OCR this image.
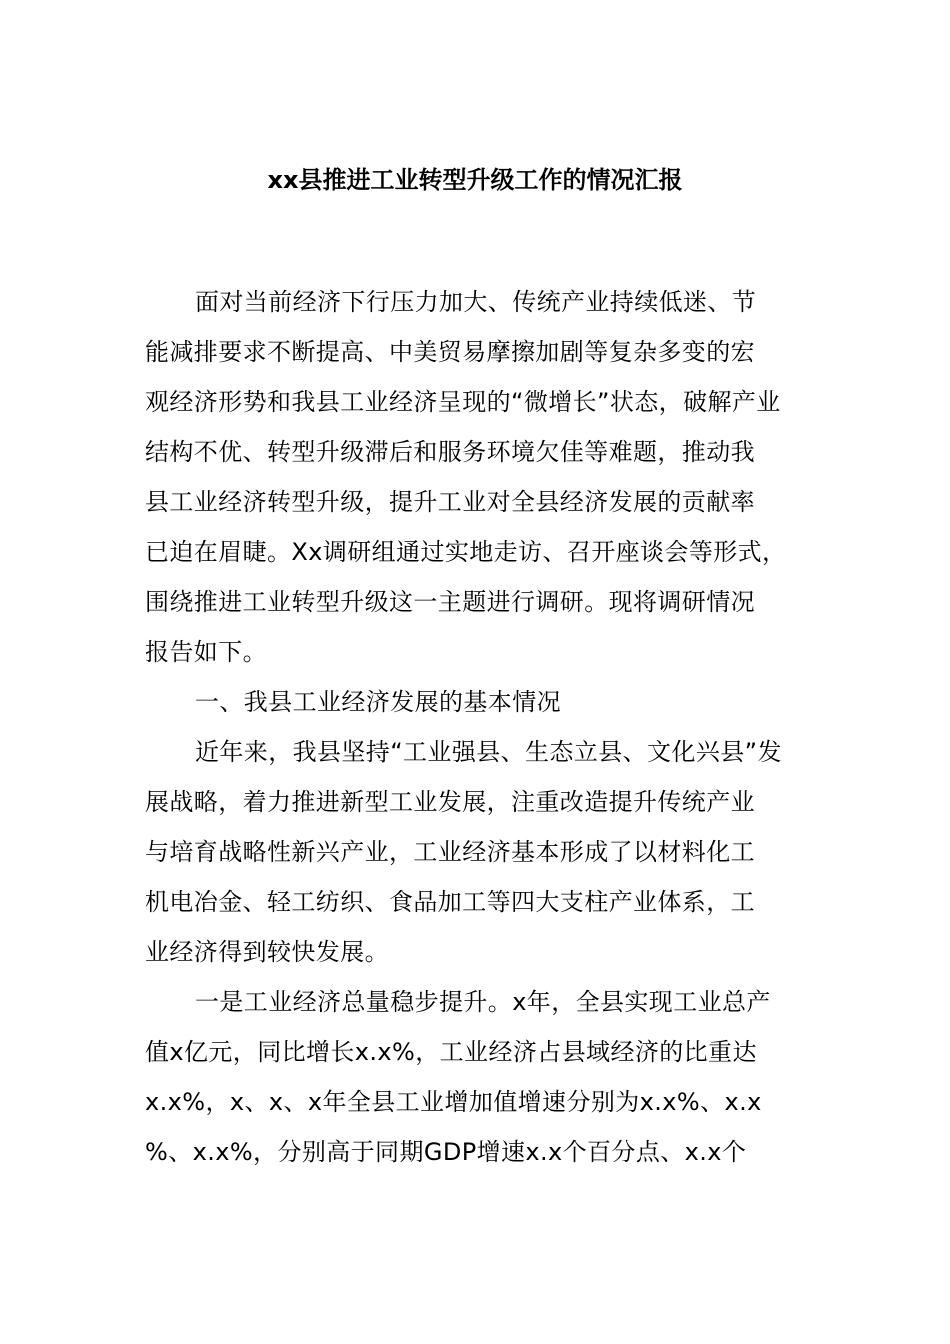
xx县推进工业转型升级工作的情况汇报
面对当前经济下行压力加大、传统产业持续低迷、节
能减排要求不断提高、中美贸易摩擦加剧等复杂多变的宏
观经济形势和我县工业经济呈现的“微增长”状态，破解产业
结构不优、转型升级滞后和服务环境欠佳等难题，推动我
县工业经济转型升级，提升工业对全县经济发展的贡献率
已迫在眉睫。Xx调研组通过实地走访、召开座谈会等形式，
围绕推进工业转型升级这一主题进行调研。现将调研情况
报告如下。
一、我县工业经济发展的基本情况
近年来，我县坚持“工业强县、生态立县、文化兴县”发
展战略，着力推进新型工业发展，注重改造提升传统产业
与培育战略性新兴产业，工业经济基本形成了以材料化工
机电冶金、轻工纺织、食品加工等四大支柱产业体系，工
业经济得到较快发展。
一是工业经济总量稳步提升。x年，全县实现工业总产
值x亿元，同比增长x.x%，工业经济占县域经济的比重达
x.x%，x、x、x年全县工业增加值增速分别为x.x%、x.x
%、x.x%，分别高于同期GDP增速x.x个百分点、x.x个
